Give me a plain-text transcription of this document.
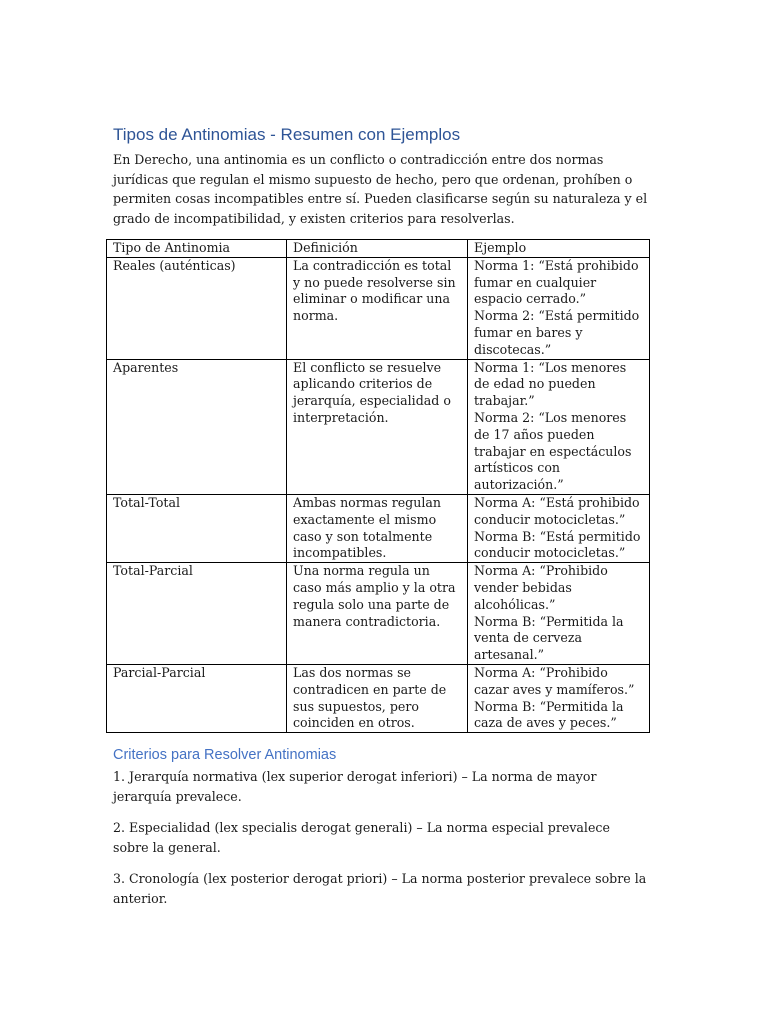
Tipos de Antinomias - Resumen con Ejemplos

En Derecho, una antinomia es un conflicto o contradicción entre dos normas jurídicas que regulan el mismo supuesto de hecho, pero que ordenan, prohíben o permiten cosas incompatibles entre sí. Pueden clasificarse según su naturaleza y el grado de incompatibilidad, y existen criterios para resolverlas.

Tipo de Antinomia	Definición	Ejemplo
Reales (auténticas)	La contradicción es total y no puede resolverse sin eliminar o modificar una norma.	Norma 1: “Está prohibido fumar en cualquier espacio cerrado.”
Norma 2: “Está permitido fumar en bares y discotecas.”

Aparentes	El conflicto se resuelve aplicando criterios de jerarquía, especialidad o interpretación.	Norma 1: “Los menores de edad no pueden trabajar.”
Norma 2: “Los menores de 17 años pueden trabajar en espectáculos artísticos con autorización.”

Total-Total	Ambas normas regulan exactamente el mismo caso y son totalmente incompatibles.	Norma A: “Está prohibido conducir motocicletas.”
Norma B: “Está permitido conducir motocicletas.”

Total-Parcial	Una norma regula un caso más amplio y la otra regula solo una parte de manera contradictoria.	Norma A: “Prohibido vender bebidas alcohólicas.”
Norma B: “Permitida la venta de cerveza artesanal.”

Parcial-Parcial	Las dos normas se contradicen en parte de sus supuestos, pero coinciden en otros.	Norma A: “Prohibido cazar aves y mamíferos.”
Norma B: “Permitida la caza de aves y peces.”
Criterios para Resolver Antinomias

1. Jerarquía normativa (lex superior derogat inferiori) – La norma de mayor jerarquía prevalece.

2. Especialidad (lex specialis derogat generali) – La norma especial prevalece sobre la general.

3. Cronología (lex posterior derogat priori) – La norma posterior prevalece sobre la anterior.
